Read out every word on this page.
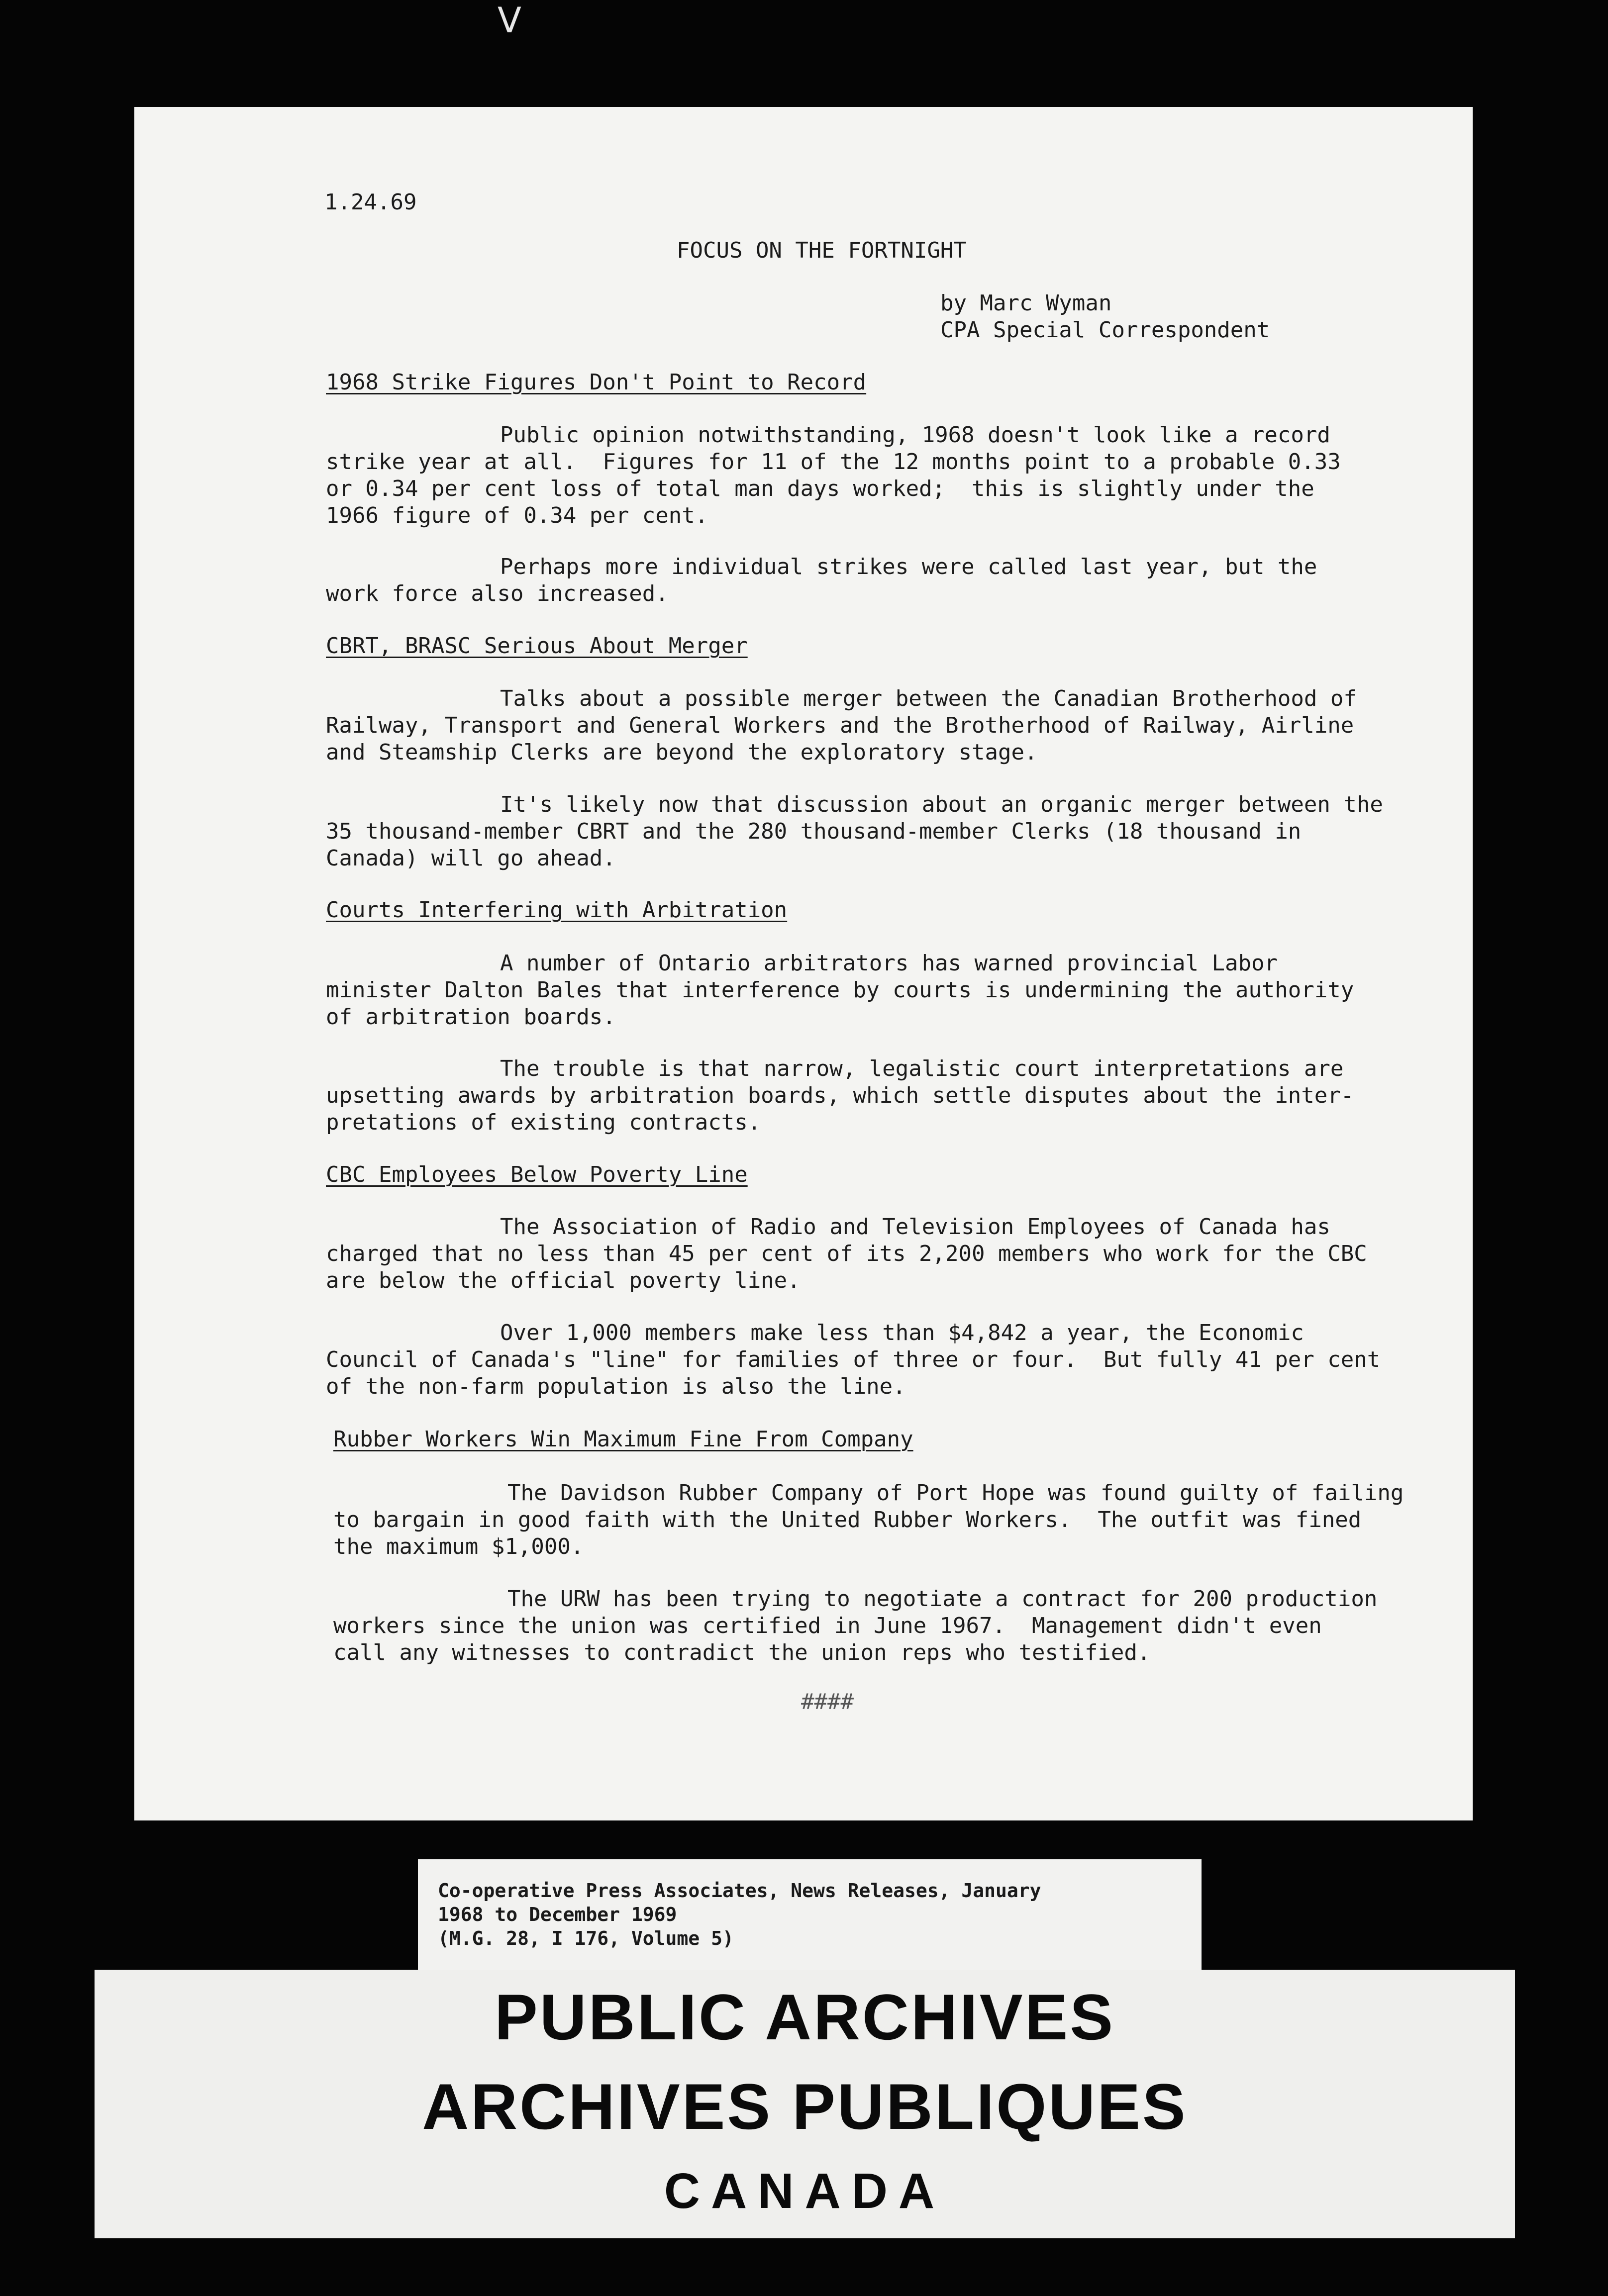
V
1.24.69
FOCUS ON THE FORTNIGHT
by Marc Wyman
CPA Special Correspondent
1968 Strike Figures Don't Point to Record
Public opinion notwithstanding, 1968 doesn't look like a record
strike year at all.  Figures for 11 of the 12 months point to a probable 0.33
or 0.34 per cent loss of total man days worked;  this is slightly under the
1966 figure of 0.34 per cent.
Perhaps more individual strikes were called last year, but the
work force also increased.
CBRT, BRASC Serious About Merger
Talks about a possible merger between the Canadian Brotherhood of
Railway, Transport and General Workers and the Brotherhood of Railway, Airline
and Steamship Clerks are beyond the exploratory stage.
It's likely now that discussion about an organic merger between the
35 thousand-member CBRT and the 280 thousand-member Clerks (18 thousand in
Canada) will go ahead.
Courts Interfering with Arbitration
A number of Ontario arbitrators has warned provincial Labor
minister Dalton Bales that interference by courts is undermining the authority
of arbitration boards.
The trouble is that narrow, legalistic court interpretations are
upsetting awards by arbitration boards, which settle disputes about the inter-
pretations of existing contracts.
CBC Employees Below Poverty Line
The Association of Radio and Television Employees of Canada has
charged that no less than 45 per cent of its 2,200 members who work for the CBC
are below the official poverty line.
Over 1,000 members make less than $4,842 a year, the Economic
Council of Canada's "line" for families of three or four.  But fully 41 per cent
of the non-farm population is also the line.
Rubber Workers Win Maximum Fine From Company
The Davidson Rubber Company of Port Hope was found guilty of failing
to bargain in good faith with the United Rubber Workers.  The outfit was fined
the maximum $1,000.
The URW has been trying to negotiate a contract for 200 production
workers since the union was certified in June 1967.  Management didn't even
call any witnesses to contradict the union reps who testified.
####
Co-operative Press Associates, News Releases, January
1968 to December 1969
(M.G. 28, I 176, Volume 5)
PUBLIC ARCHIVES
ARCHIVES PUBLIQUES
CANADA
